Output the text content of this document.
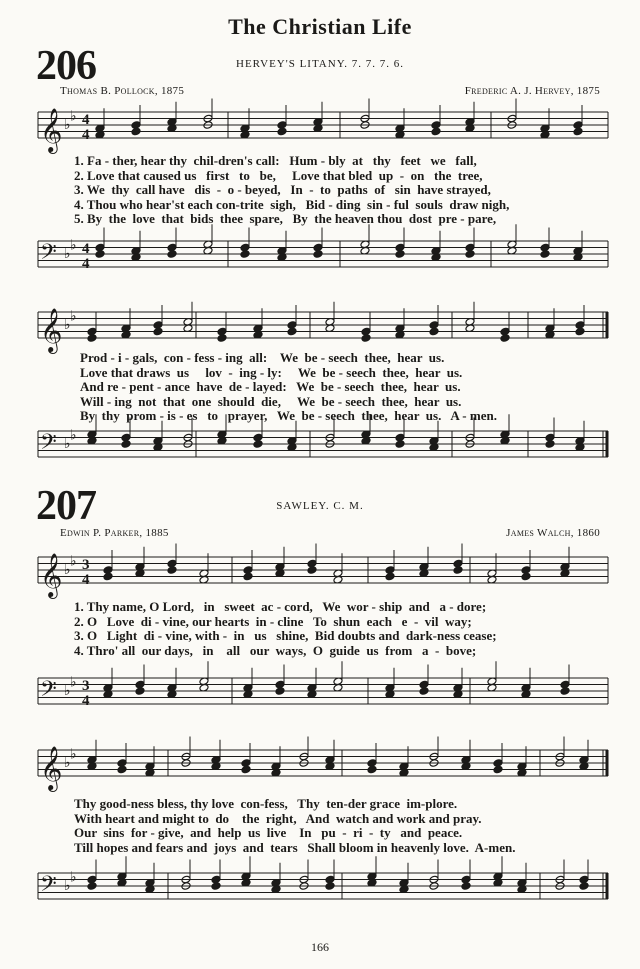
The Christian Life
206	HERVEY'S LITANY. 7. 7. 7. 6.
Thomas B. Pollock, 1875	Frederic A. J. Hervey, 1875
1. Fa - ther, hear thy  chil-dren's call:   Hum - bly  at   thy   feet   we   fall,
2. Love that caused us   first   to   be,     Love that bled  up  -  on   the  tree,
3. We  thy  call have   dis  -  o - beyed,   In  -  to  paths  of   sin  have strayed,
4. Thou who hear'st each con-trite  sigh,   Bid - ding  sin - ful  souls  draw nigh,
5. By  the  love  that  bids  thee  spare,   By  the heaven thou  dost  pre - pare,
Prod - i - gals,  con - fess - ing  all:    We  be - seech  thee,  hear  us.
Love that draws  us     lov  -  ing - ly:     We  be - seech  thee,  hear  us.
And re - pent - ance  have  de - layed:   We  be - seech  thee,  hear  us.
Will - ing  not  that  one  should  die,     We  be - seech  thee,  hear  us.
By  thy  prom - is - es   to   prayer,   We  be - seech  thee,  hear  us.   A - men.
207	SAWLEY. C. M.
Edwin P. Parker, 1885	James Walch, 1860
1. Thy name, O Lord,   in   sweet  ac - cord,   We  wor - ship  and   a - dore;
2. O   Love  di - vine, our hearts  in - cline   To  shun  each   e  -  vil  way;
3. O   Light  di - vine, with -  in   us   shine,  Bid doubts and  dark-ness cease;
4. Thro' all  our days,   in    all   our  ways,  O  guide  us  from   a  -  bove;
Thy good-ness bless, thy love  con-fess,   Thy  ten-der grace  im-plore.
With heart and might to  do    the  right,   And  watch and work and pray.
Our  sins  for - give,  and  help  us  live    In   pu  -  ri  -  ty   and  peace.
Till hopes and fears and  joys  and  tears   Shall bloom in heavenly love.  A-men.
𝄞 ♭
♭ 4
4
𝄢 ♭
♭ 4
4
𝄞 ♭
♭
𝄢 ♭
♭
𝄞 ♭
♭ 3
4
𝄢 ♭
♭ 3
4
𝄞 ♭
♭
𝄢 ♭
♭
166
